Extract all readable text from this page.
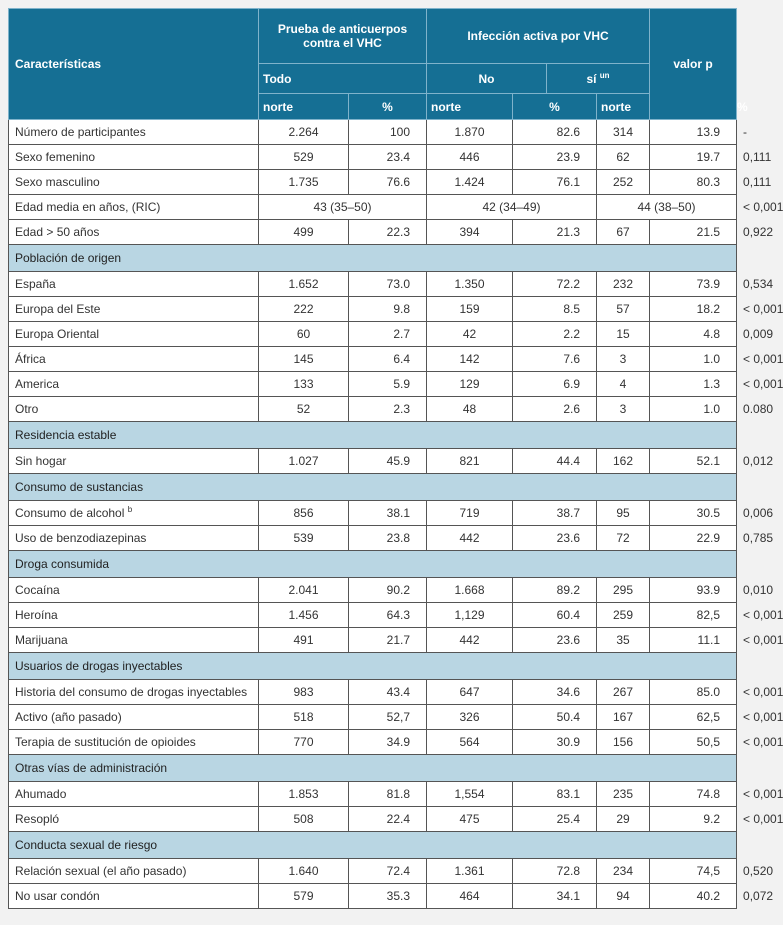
Características	Prueba de anticuerpos contra el VHC		Infección activa por VHC				valor p	
	Todo		No		sí $^{un}$
	norte	%	norte	%		norte		%
Número de participantes	2.264	100	1.870	82.6		314	13.9	-
Sexo femenino	529	23.4	446	23.9		62	19.7	0,111
Sexo masculino	1.735	76.6	1.424	76.1		252	80.3	0,111
Edad media en años, (RIC)	43 (35–50)		42 (34–49)			44 (38–50)		< 0,001
Edad > 50 años	499	22.3	394	21.3		67	21.5	0,922
Población de origen								
España	1.652	73.0	1.350	72.2		232	73.9	0,534
Europa del Este	222	9.8	159	8.5		57	18.2	< 0,001
Europa Oriental	60	2.7	42	2.2		15	4.8	0,009
África	145	6.4	142	7.6		3	1.0	< 0,001
America	133	5.9	129	6.9		4	1.3	< 0,001
Otro	52	2.3	48	2.6		3	1.0	0.080
Residencia estable								
Sin hogar	1.027	45.9	821	44.4		162	52.1	0,012
Consumo de sustancias								
Consumo de alcohol $^b$	856	38.1	719	38.7		95	30.5	0,006
Uso de benzodiazepinas	539	23.8	442	23.6		72	22.9	0,785
Droga consumida								
Cocaína	2.041	90.2	1.668	89.2		295	93.9	0,010
Heroína	1.456	64.3	1,129	60.4		259	82,5	< 0,001
Marijuana	491	21.7	442	23.6		35	11.1	< 0,001
Usuarios de drogas inyectables								
Historia del consumo de drogas inyectables	983	43.4	647	34.6		267	85.0	< 0,001
Activo (año pasado)	518	52,7	326	50.4		167	62,5	< 0,001
Terapia de sustitución de opioides	770	34.9	564	30.9		156	50,5	< 0,001
Otras vías de administración								
Ahumado	1.853	81.8	1,554	83.1		235	74.8	< 0,001
Resopló	508	22.4	475	25.4		29	9.2	< 0,001
Conducta sexual de riesgo								
Relación sexual (el año pasado)	1.640	72.4	1.361	72.8		234	74,5	0,520
No usar condón	579	35.3	464	34.1		94	40.2	0,072
